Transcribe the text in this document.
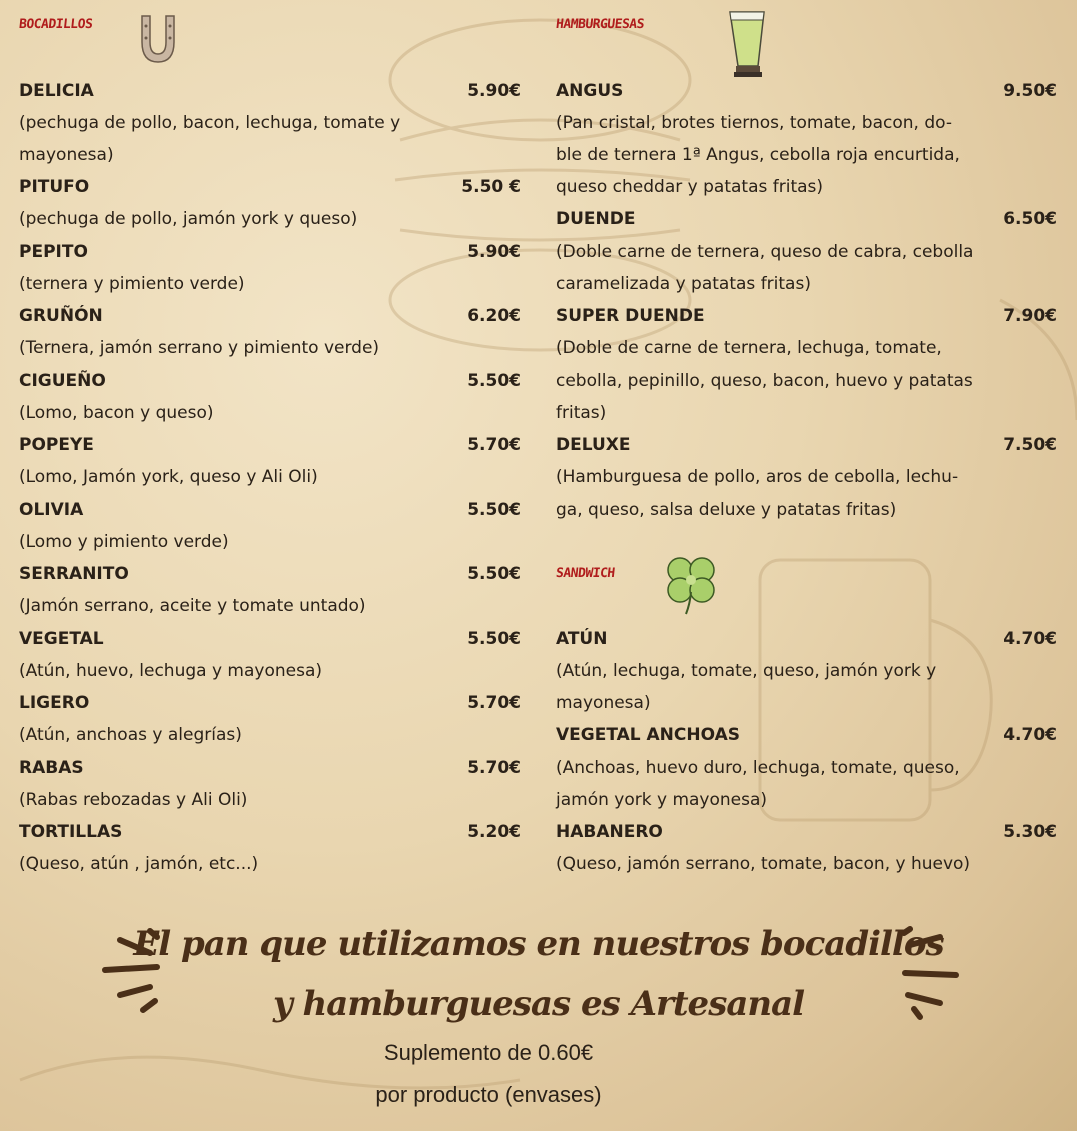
BOCADILLOS
DELICIA	5.90€
(pechuga de pollo, bacon, lechuga, tomate y
mayonesa)
PITUFO	5.50 €
(pechuga de pollo, jamón york y queso)
PEPITO	5.90€
(ternera y pimiento verde)
GRUÑÓN	6.20€
(Ternera, jamón serrano y pimiento verde)
CIGUEÑO	5.50€
(Lomo, bacon y queso)
POPEYE	5.70€
(Lomo, Jamón york, queso y Ali Oli)
OLIVIA	5.50€
(Lomo y pimiento verde)
SERRANITO	5.50€
(Jamón serrano, aceite y tomate untado)
VEGETAL	5.50€
(Atún, huevo, lechuga y mayonesa)
LIGERO	5.70€
(Atún, anchoas y alegrías)
RABAS	5.70€
(Rabas rebozadas y Ali Oli)
TORTILLAS	5.20€
(Queso, atún , jamón, etc...)
HAMBURGUESAS
ANGUS	9.50€
(Pan cristal, brotes tiernos, tomate, bacon, do-
ble de ternera 1ª Angus, cebolla roja encurtida,
queso cheddar y patatas fritas)
DUENDE	6.50€
(Doble carne de ternera, queso de cabra, cebolla
caramelizada y patatas fritas)
SUPER DUENDE	7.90€
(Doble de carne de ternera, lechuga, tomate,
cebolla, pepinillo, queso, bacon, huevo y patatas
fritas)
DELUXE	7.50€
(Hamburguesa de pollo, aros de cebolla, lechu-
ga, queso, salsa deluxe y patatas fritas)
SANDWICH
ATÚN	4.70€
(Atún, lechuga, tomate, queso, jamón york y
mayonesa)
VEGETAL ANCHOAS	4.70€
(Anchoas, huevo duro, lechuga, tomate, queso,
jamón york y mayonesa)
HABANERO	5.30€
(Queso, jamón serrano, tomate, bacon, y huevo)
El pan que utilizamos en nuestros bocadillos
y hamburguesas es Artesanal
Suplemento de 0.60€
por producto (envases)
